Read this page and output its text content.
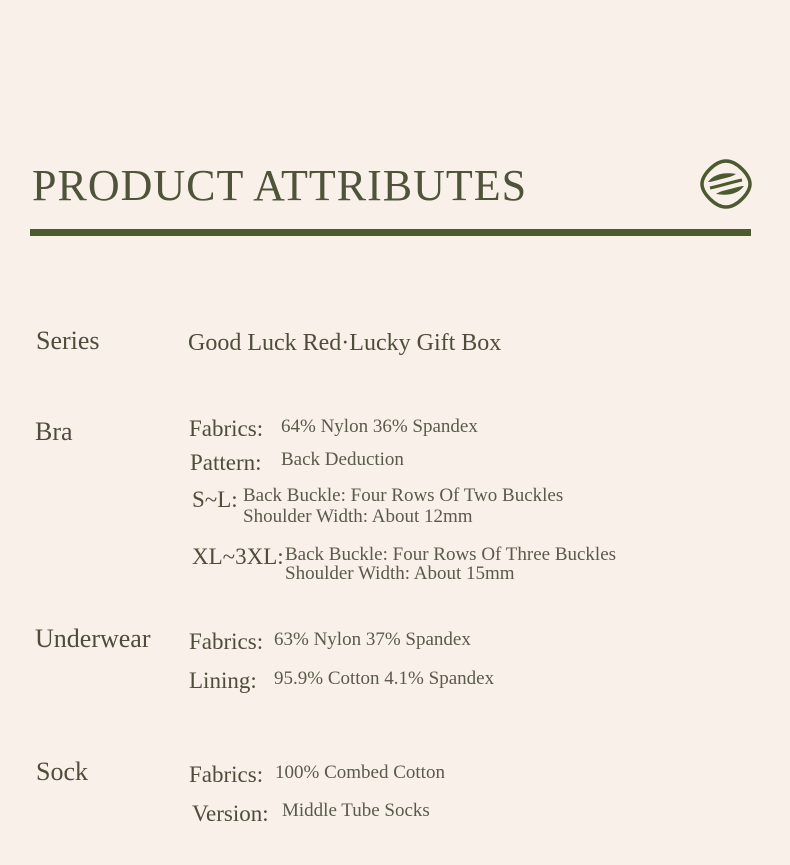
PRODUCT ATTRIBUTES
Series	Good Luck Red·Lucky Gift Box
Bra	Fabrics: 64% Nylon 36% Spandex
Pattern: Back Deduction
S~L: Back Buckle: Four Rows Of Two Buckles
Shoulder Width: About 12mm
XL~3XL: Back Buckle: Four Rows Of Three Buckles
Shoulder Width: About 15mm
Underwear Fabrics: 63% Nylon 37% Spandex
Lining: 95.9% Cotton 4.1% Spandex
Sock	Fabrics: 100% Combed Cotton
Version: Middle Tube Socks
